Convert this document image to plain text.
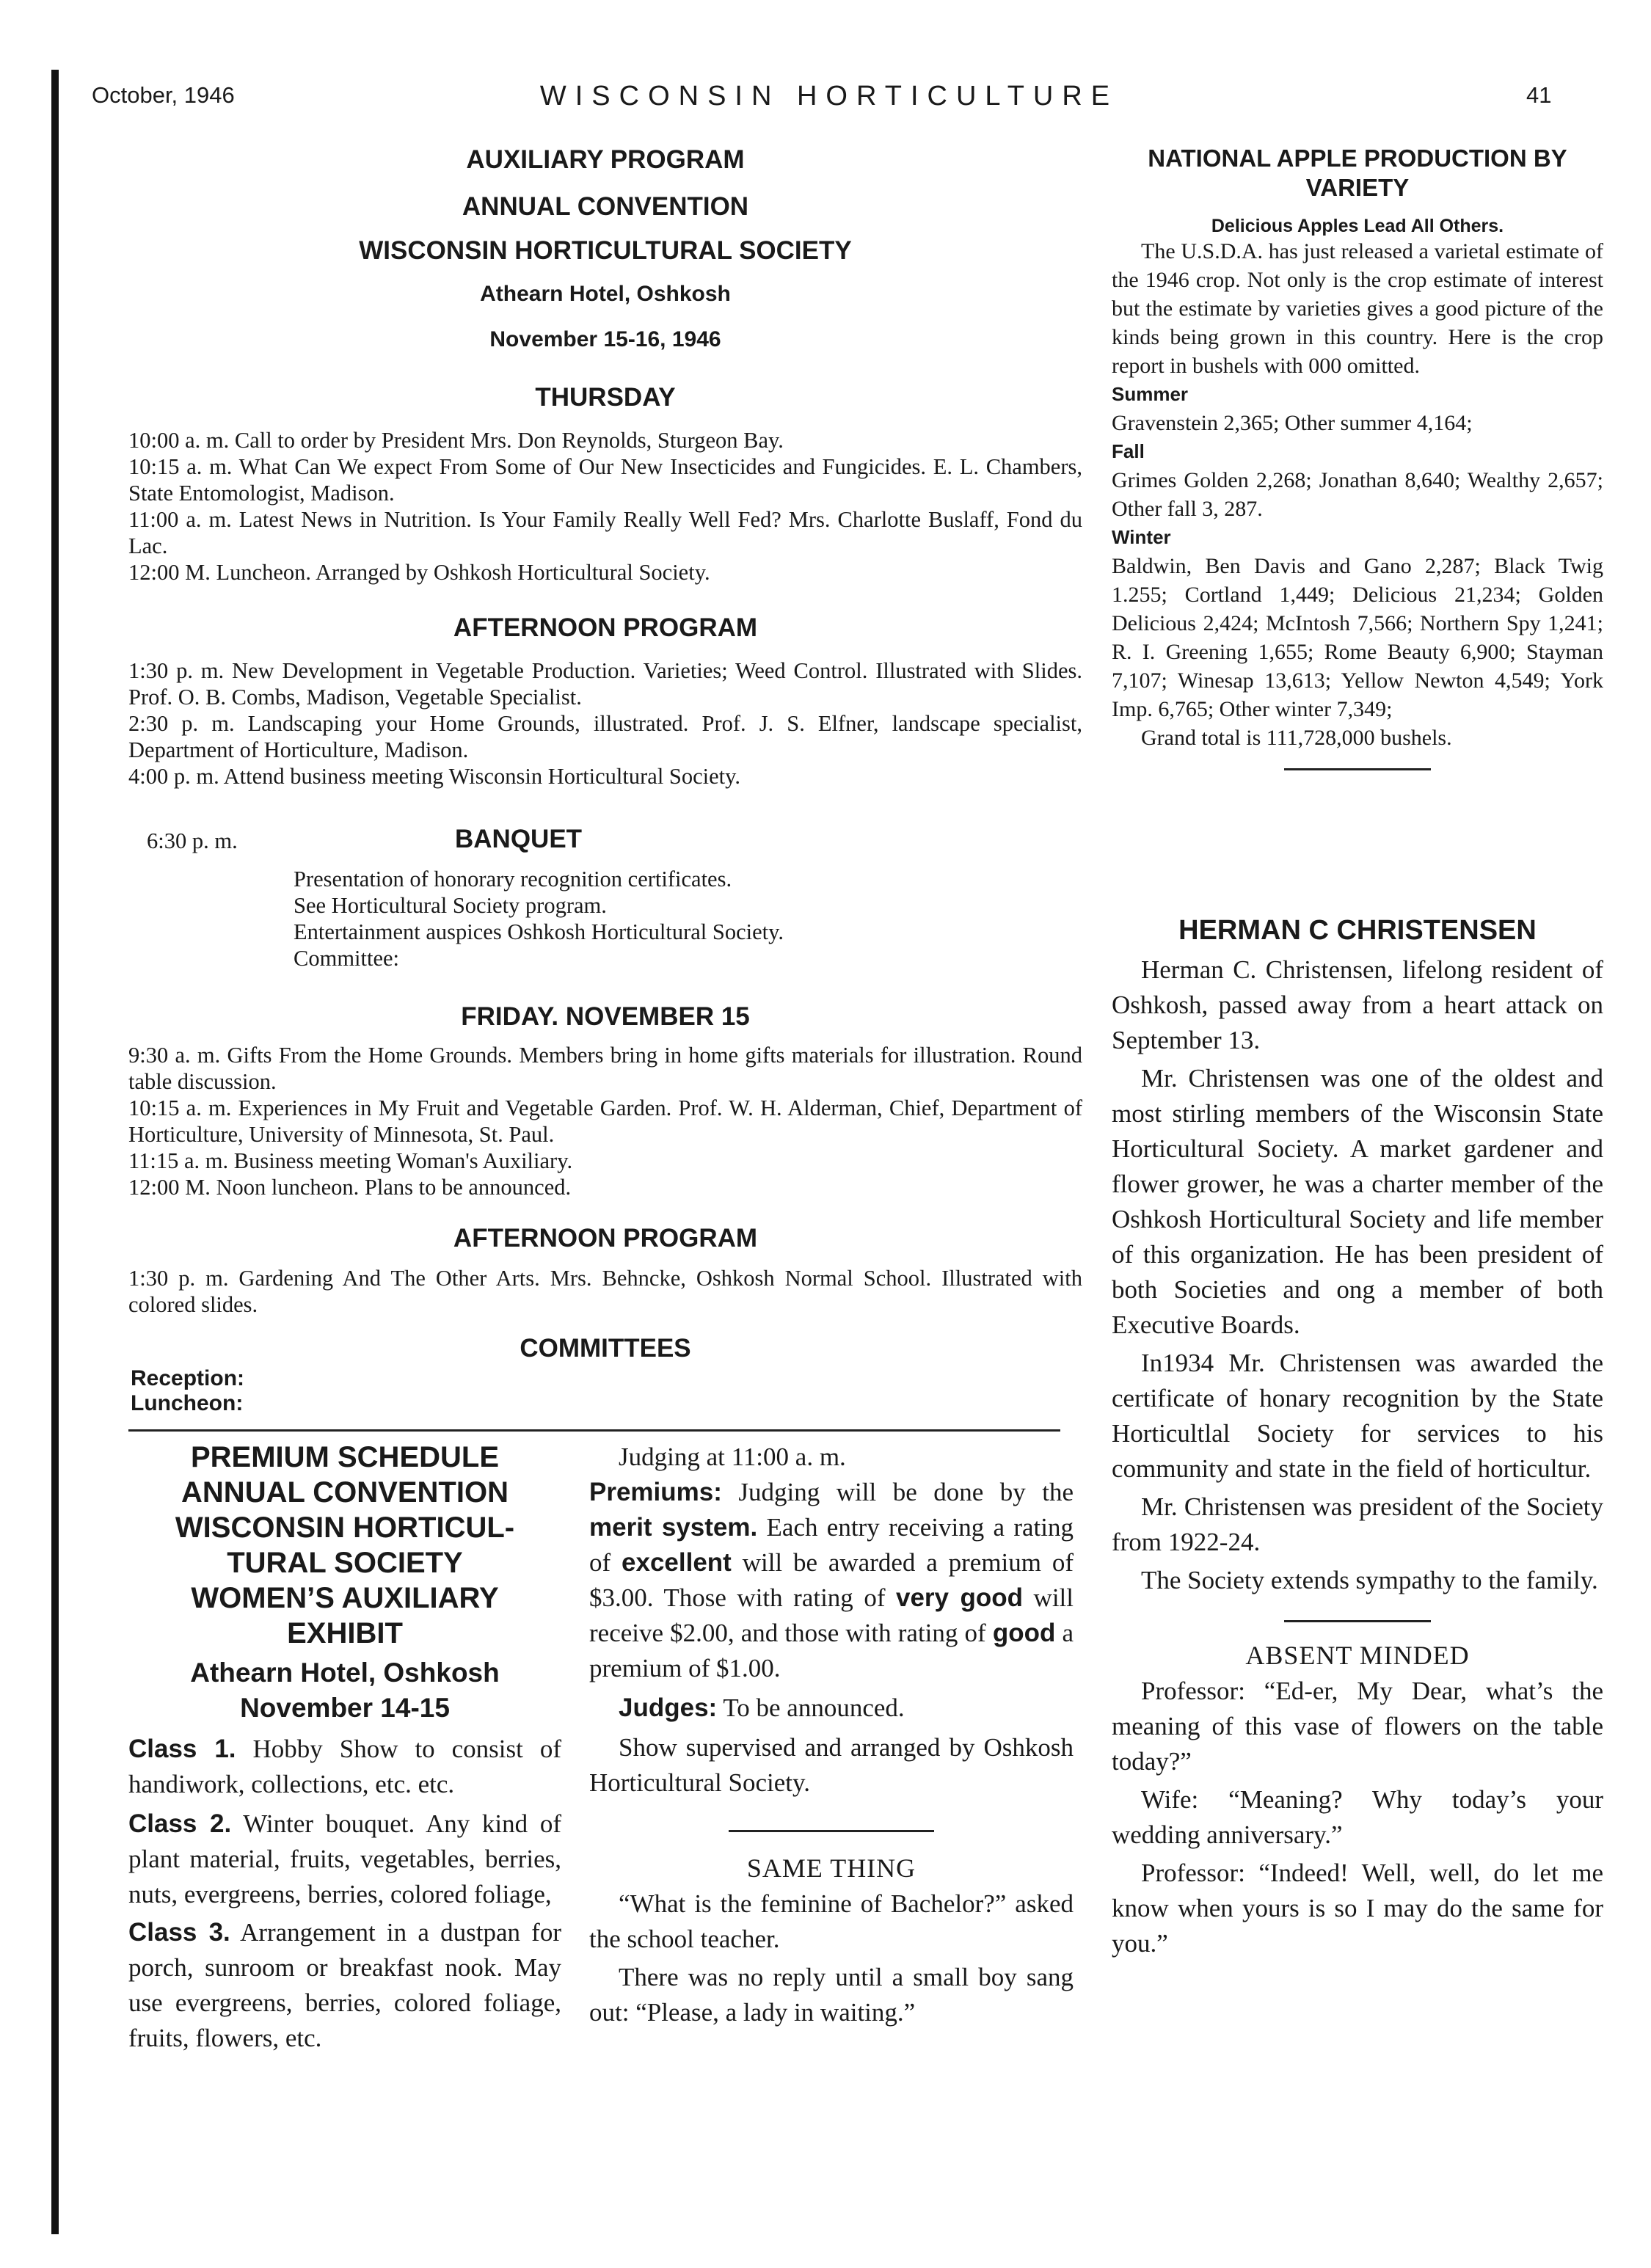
October, 1946	WISCONSIN HORTICULTURE	41
AUXILIARY PROGRAM
ANNUAL CONVENTION
WISCONSIN HORTICULTURAL SOCIETY
Athearn Hotel, Oshkosh
November 15-16, 1946
THURSDAY

10:00 a. m. Call to order by President Mrs. Don Reynolds, Sturgeon Bay.

10:15 a. m. What Can We expect From Some of Our New Insecticides and Fungicides. E. L. Chambers, State Entomologist, Madison.

11:00 a. m. Latest News in Nutrition. Is Your Family Really Well Fed? Mrs. Charlotte Buslaff, Fond du Lac.

12:00 M. Luncheon. Arranged by Oshkosh Horticultural Society.

AFTERNOON PROGRAM

1:30 p. m. New Development in Vegetable Production. Varieties; Weed Control. Illustrated with Slides. Prof. O. B. Combs, Madison, Vegetable Specialist.

2:30 p. m. Landscaping your Home Grounds, illustrated. Prof. J. S. Elfner, landscape specialist, Department of Horticulture, Madison.

4:00 p. m. Attend business meeting Wisconsin Horticultural Society.

6:30 p. m.	BANQUET

Presentation of honorary recognition certificates.

See Horticultural Society program.

Entertainment auspices Oshkosh Horticultural Society.

Committee:

FRIDAY. NOVEMBER 15

9:30 a. m. Gifts From the Home Grounds. Members bring in home gifts materials for illustration. Round table discussion.

10:15 a. m. Experiences in My Fruit and Vegetable Garden. Prof. W. H. Alderman, Chief, Department of Horticulture, University of Minnesota, St. Paul.

11:15 a. m. Business meeting Woman's Auxiliary.

12:00 M. Noon luncheon. Plans to be announced.

AFTERNOON PROGRAM

1:30 p. m. Gardening And The Other Arts. Mrs. Behncke, Oshkosh Normal School. Illustrated with colored slides.

COMMITTEES
Reception:
Luncheon:
PREMIUM SCHEDULE
ANNUAL CONVENTION
WISCONSIN HORTICUL-
TURAL SOCIETY
WOMEN’S AUXILIARY
EXHIBIT
Athearn Hotel, Oshkosh
November 14-15

Class 1. Hobby Show to consist of handiwork, collections, etc. etc.

Class 2. Winter bouquet. Any kind of plant material, fruits, vegetables, berries, nuts, evergreens, berries, colored foliage,

Class 3. Arrangement in a dustpan for porch, sunroom or breakfast nook. May use evergreens, berries, colored foliage, fruits, flowers, etc.

Judging at 11:00 a. m.

Premiums: Judging will be done by the merit system. Each entry receiving a rating of excellent will be awarded a premium of $3.00. Those with rating of very good will receive $2.00, and those with rating of good a premium of $1.00.

Judges: To be announced.

Show supervised and arranged by Oshkosh Horticultural Society.

SAME THING

“What is the feminine of Bachelor?” asked the school teacher.

There was no reply until a small boy sang out: “Please, a lady in waiting.”

NATIONAL APPLE PRODUCTION BY VARIETY
Delicious Apples Lead All Others.

The U.S.D.A. has just released a varietal estimate of the 1946 crop. Not only is the crop estimate of interest but the estimate by varieties gives a good picture of the kinds being grown in this country. Here is the crop report in bushels with 000 omitted.

Summer

Gravenstein 2,365; Other summer 4,164;

Fall

Grimes Golden 2,268; Jonathan 8,640; Wealthy 2,657; Other fall 3, 287.

Winter

Baldwin, Ben Davis and Gano 2,287; Black Twig 1.255; Cortland 1,449; Delicious 21,234; Golden Delicious 2,424; McIntosh 7,566; Northern Spy 1,241; R. I. Greening 1,655; Rome Beauty 6,900; Stayman 7,107; Winesap 13,613; Yellow Newton 4,549; York Imp. 6,765; Other winter 7,349;

Grand total is 111,728,000 bushels.

HERMAN C CHRISTENSEN

Herman C. Christensen, lifelong resident of Oshkosh, passed away from a heart attack on September 13.

Mr. Christensen was one of the oldest and most stirling members of the Wisconsin State Horticultural Society. A market gardener and flower grower, he was a charter member of the Oshkosh Horticultural Society and life member of this organization. He has been president of both Societies and ong a member of both Executive Boards.

In1934 Mr. Christensen was awarded the certificate of honary recognition by the State Horticultlal Society for services to his community and state in the field of horticultur.

Mr. Christensen was president of the Society from 1922-24.

The Society extends sympathy to the family.

ABSENT MINDED

Professor: “Ed-er, My Dear, what’s the meaning of this vase of flowers on the table today?”

Wife: “Meaning? Why today’s your wedding anniversary.”

Professor: “Indeed! Well, well, do let me know when yours is so I may do the same for you.”
